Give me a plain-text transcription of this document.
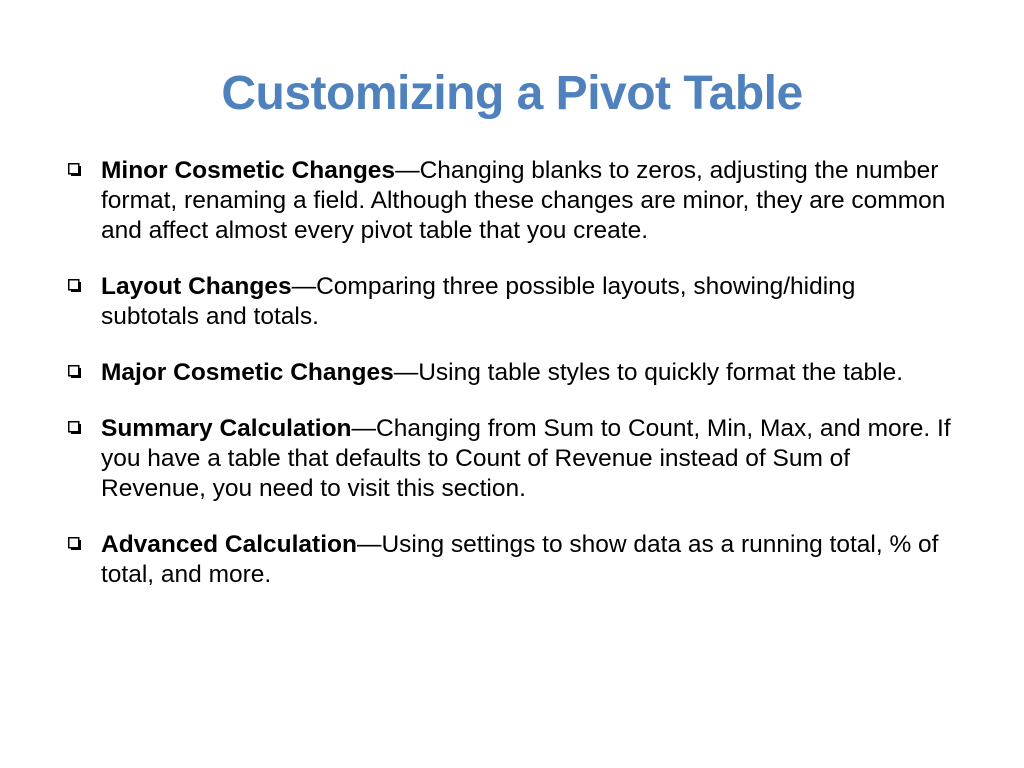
Customizing a Pivot Table
Minor Cosmetic Changes—Changing blanks to zeros, adjusting the number format, renaming a field. Although these changes are minor, they are common and affect almost every pivot table that you create.
Layout Changes—Comparing three possible layouts, showing/hiding subtotals and totals.
Major Cosmetic Changes—Using table styles to quickly format the table.
Summary Calculation—Changing from Sum to Count, Min, Max, and more. If you have a table that defaults to Count of Revenue instead of Sum of Revenue, you need to visit this section.
Advanced Calculation—Using settings to show data as a running total, % of total, and more.
